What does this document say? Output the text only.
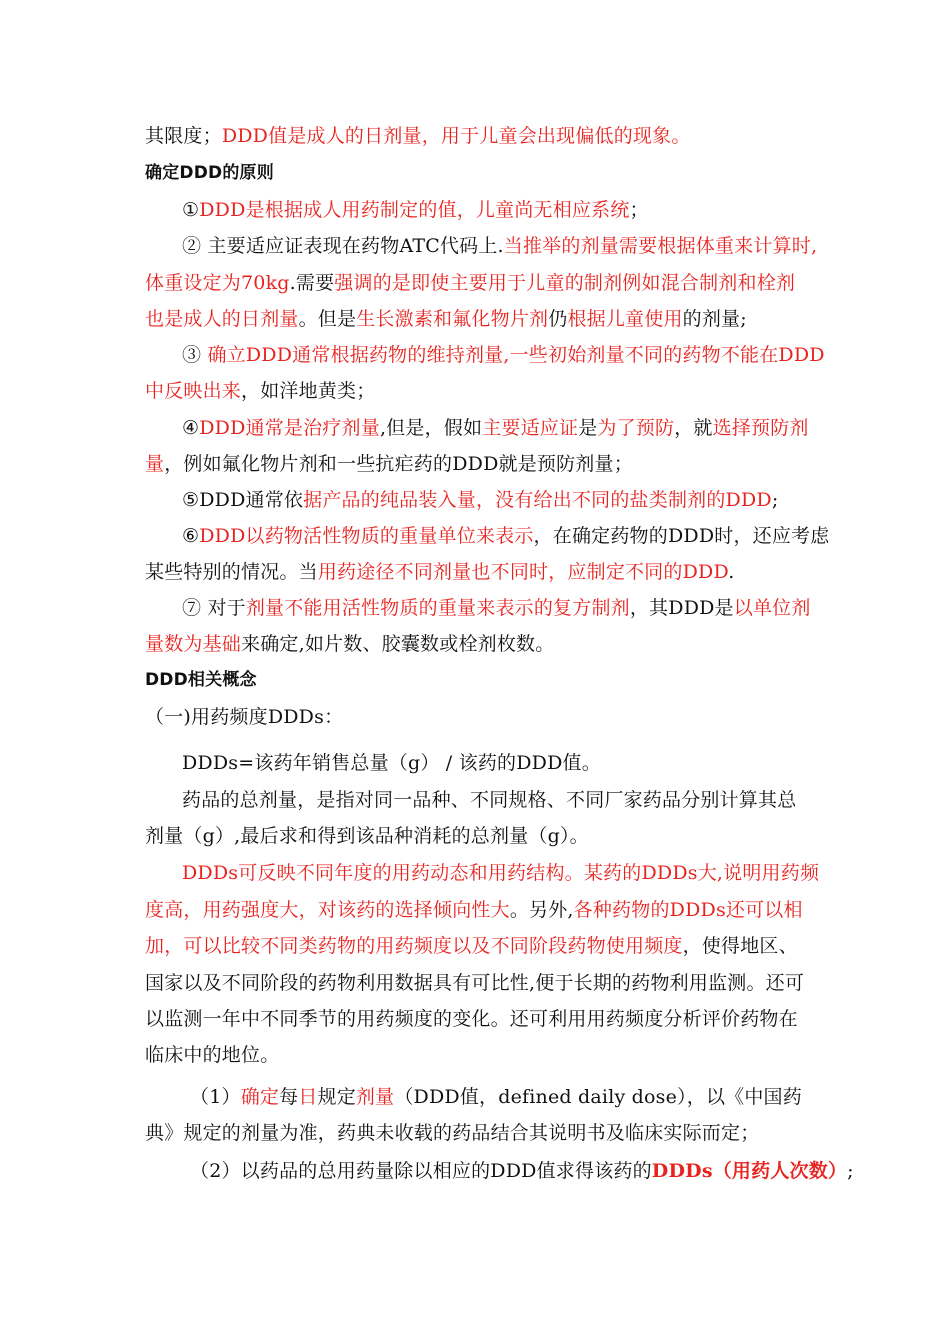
其限度；DDD值是成人的日剂量，用于儿童会出现偏低的现象。
确定DDD的原则
①DDD是根据成人用药制定的值，儿童尚无相应系统；
② 主要适应证表现在药物ATC代码上.当推举的剂量需要根据体重来计算时,
体重设定为70kg.需要强调的是即使主要用于儿童的制剂例如混合制剂和栓剂
也是成人的日剂量。但是生长激素和氟化物片剂仍根据儿童使用的剂量;
③ 确立DDD通常根据药物的维持剂量,一些初始剂量不同的药物不能在DDD
中反映出来，如洋地黄类；
④DDD通常是治疗剂量,但是，假如主要适应证是为了预防，就选择预防剂
量，例如氟化物片剂和一些抗疟药的DDD就是预防剂量；
⑤DDD通常依据产品的纯品装入量，没有给出不同的盐类制剂的DDD;
⑥DDD以药物活性物质的重量单位来表示，在确定药物的DDD时，还应考虑
某些特别的情况。当用药途径不同剂量也不同时，应制定不同的DDD.
⑦ 对于剂量不能用活性物质的重量来表示的复方制剂，其DDD是以单位剂
量数为基础来确定,如片数、胶囊数或栓剂枚数。
DDD相关概念
（一)用药频度DDDs：
DDDs=该药年销售总量（g） / 该药的DDD值。
药品的总剂量，是指对同一品种、不同规格、不同厂家药品分别计算其总
剂量（g）,最后求和得到该品种消耗的总剂量（g）。
DDDs可反映不同年度的用药动态和用药结构。某药的DDDs大,说明用药频
度高，用药强度大，对该药的选择倾向性大。另外,各种药物的DDDs还可以相
加，可以比较不同类药物的用药频度以及不同阶段药物使用频度，使得地区、
国家以及不同阶段的药物利用数据具有可比性,便于长期的药物利用监测。还可
以监测一年中不同季节的用药频度的变化。还可利用用药频度分析评价药物在
临床中的地位。
（1）确定每日规定剂量（DDD值，defined daily dose），以《中国药
典》规定的剂量为准，药典未收载的药品结合其说明书及临床实际而定；
（2）以药品的总用药量除以相应的DDD值求得该药的DDDs（用药人次数）;
